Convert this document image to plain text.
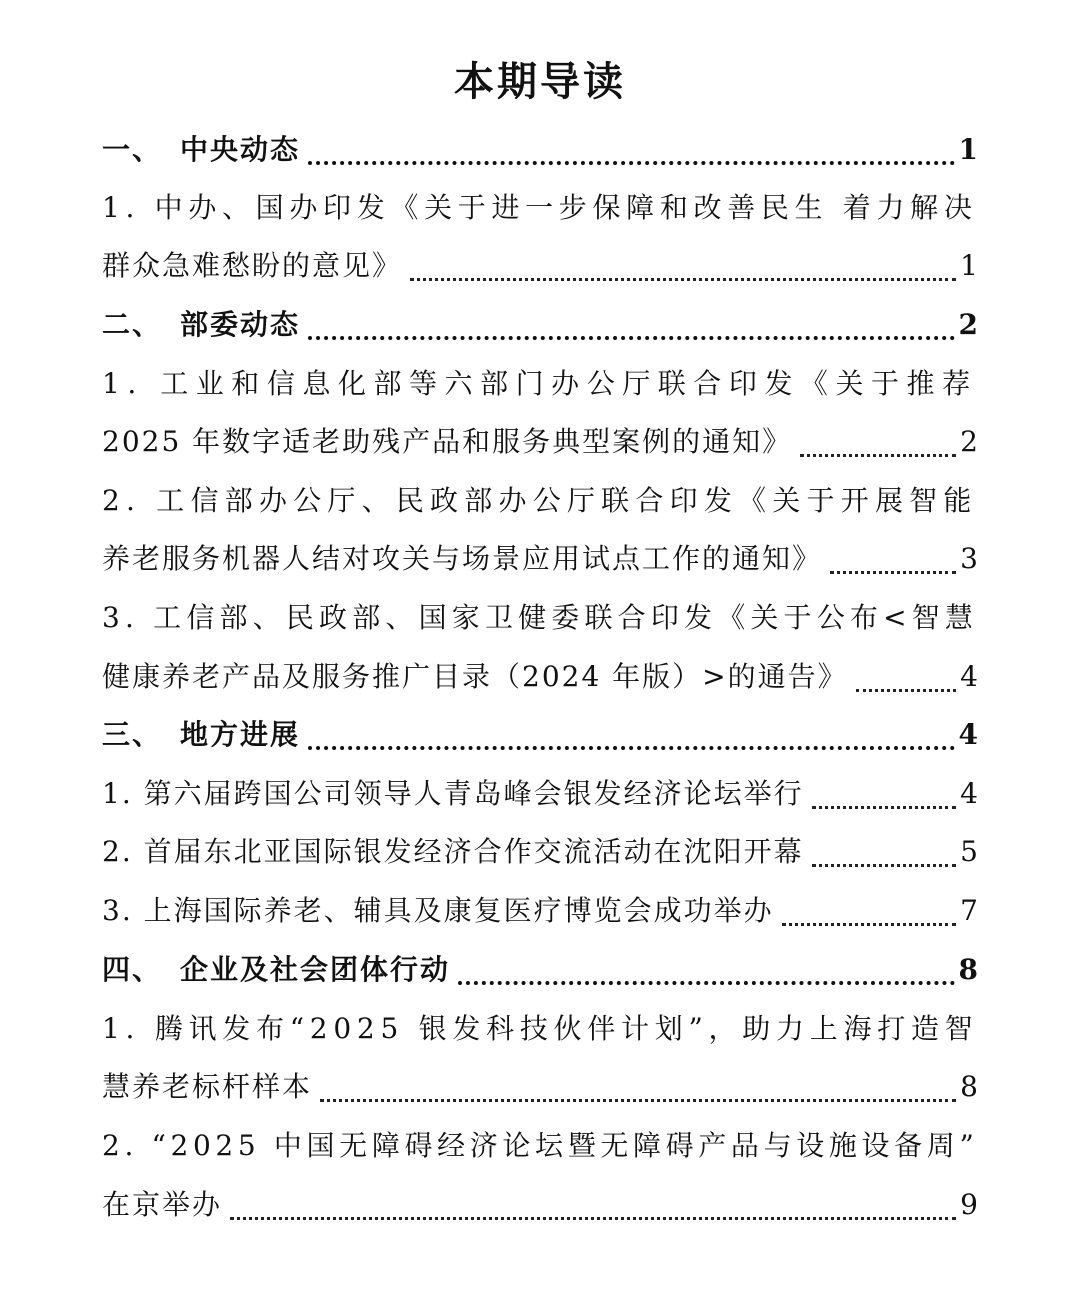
本期导读
一、 中央动态	1
1. 中办、国办印发《关于进一步保障和改善民生 着力解决
群众急难愁盼的意见》	1
二、 部委动态	2
1. 工业和信息化部等六部门办公厅联合印发《关于推荐
2025 年数字适老助残产品和服务典型案例的通知》	2
2. 工信部办公厅、民政部办公厅联合印发《关于开展智能
养老服务机器人结对攻关与场景应用试点工作的通知》	3
3. 工信部、民政部、国家卫健委联合印发《关于公布<智慧
健康养老产品及服务推广目录（2024 年版）>的通告》	4
三、 地方进展	4
1. 第六届跨国公司领导人青岛峰会银发经济论坛举行	4
2. 首届东北亚国际银发经济合作交流活动在沈阳开幕	5
3. 上海国际养老、辅具及康复医疗博览会成功举办	7
四、 企业及社会团体行动	8
1. 腾讯发布“2025 银发科技伙伴计划”，助力上海打造智
慧养老标杆样本	8
2. “2025 中国无障碍经济论坛暨无障碍产品与设施设备周”
在京举办	9
